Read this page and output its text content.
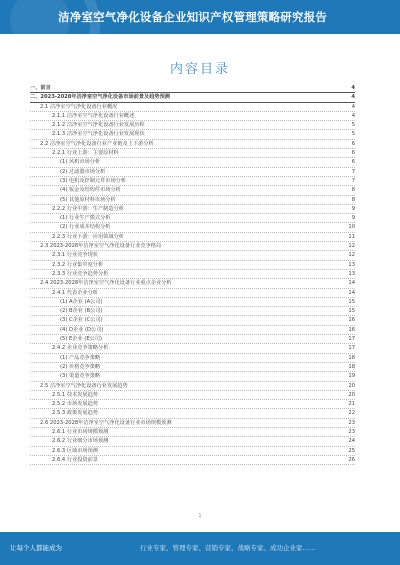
洁净室空气净化设备企业知识产权管理策略研究报告
内容目录
一、前言	4
二、2023-2028年洁净室空气净化设备市场前景及趋势预测	4
2.1 洁净室空气净化设备行业概况	4
2.1.1 洁净室空气净化设备行业概述	4
2.1.2 洁净室空气净化设备行业发展历程	5
2.1.3 洁净室空气净化设备行业发展现状	5
2.2 洁净室空气净化设备行业产业链及上下游分析	6
2.2.1 行业上游：主要原材料	6
(1) 风机市场分析	6
(2) 过滤器市场分析	7
(3) 电机及控制元件市场分析	7
(4) 钣金及结构件市场分析	8
(5) 其他原材料市场分析	8
2.2.2 行业中游：生产制造分析	9
(1) 行业生产模式分析	9
(2) 行业成本结构分析	10
2.2.3 行业下游：应用领域分析	11
2.3 2023-2028年洁净室空气净化设备行业竞争格局	12
2.3.1 行业竞争现状	12
2.3.2 行业集中度分析	13
2.3.3 行业竞争趋势分析	13
2.4 2023-2028年洁净室空气净化设备行业重点企业分析	14
2.4.1 代表企业分析	14
(1) A企业 (A公司)	15
(2) B企业 (B公司)	15
(3) C企业 (C公司)	16
(4) D企业 (D公司)	16
(5) E企业 (E公司)	17
2.4.2 企业竞争策略分析	17
(1) 产品竞争策略	18
(2) 价格竞争策略	18
(3) 渠道竞争策略	19
2.5 洁净室空气净化设备行业发展趋势	20
2.5.1 技术发展趋势	20
2.5.2 市场发展趋势	21
2.5.3 政策发展趋势	22
2.6 2023-2028年洁净室空气净化设备行业市场规模预测	23
2.6.1 行业市场规模预测	23
2.6.2 行业细分市场预测	24
2.6.3 区域市场预测	25
2.6.4 行业投资前景	26
1
让每个人都能成为	行业专家、管理专家、营销专家、战略专家、成功企业家……
